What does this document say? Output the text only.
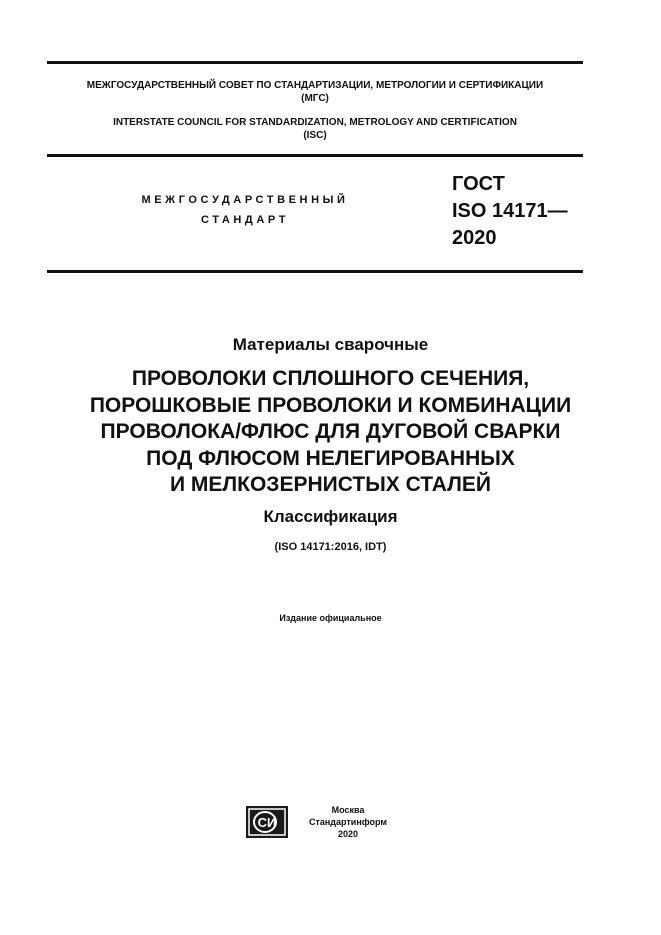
МЕЖГОСУДАРСТВЕННЫЙ СОВЕТ ПО СТАНДАРТИЗАЦИИ, МЕТРОЛОГИИ И СЕРТИФИКАЦИИ
(МГС)
INTERSTATE COUNCIL FOR STANDARDIZATION, METROLOGY AND CERTIFICATION
(ISC)
МЕЖГОСУДАРСТВЕННЫЙ
СТАНДАРТ
ГОСТ
ISO 14171—
2020
Материалы сварочные
ПРОВОЛОКИ СПЛОШНОГО СЕЧЕНИЯ,
ПОРОШКОВЫЕ ПРОВОЛОКИ И КОМБИНАЦИИ
ПРОВОЛОКА/ФЛЮС ДЛЯ ДУГОВОЙ СВАРКИ
ПОД ФЛЮСОМ НЕЛЕГИРОВАННЫХ
И МЕЛКОЗЕРНИСТЫХ СТАЛЕЙ
Классификация
(ISO 14171:2016, IDT)
Издание официальное
СИ
Москва
Стандартинформ
2020
